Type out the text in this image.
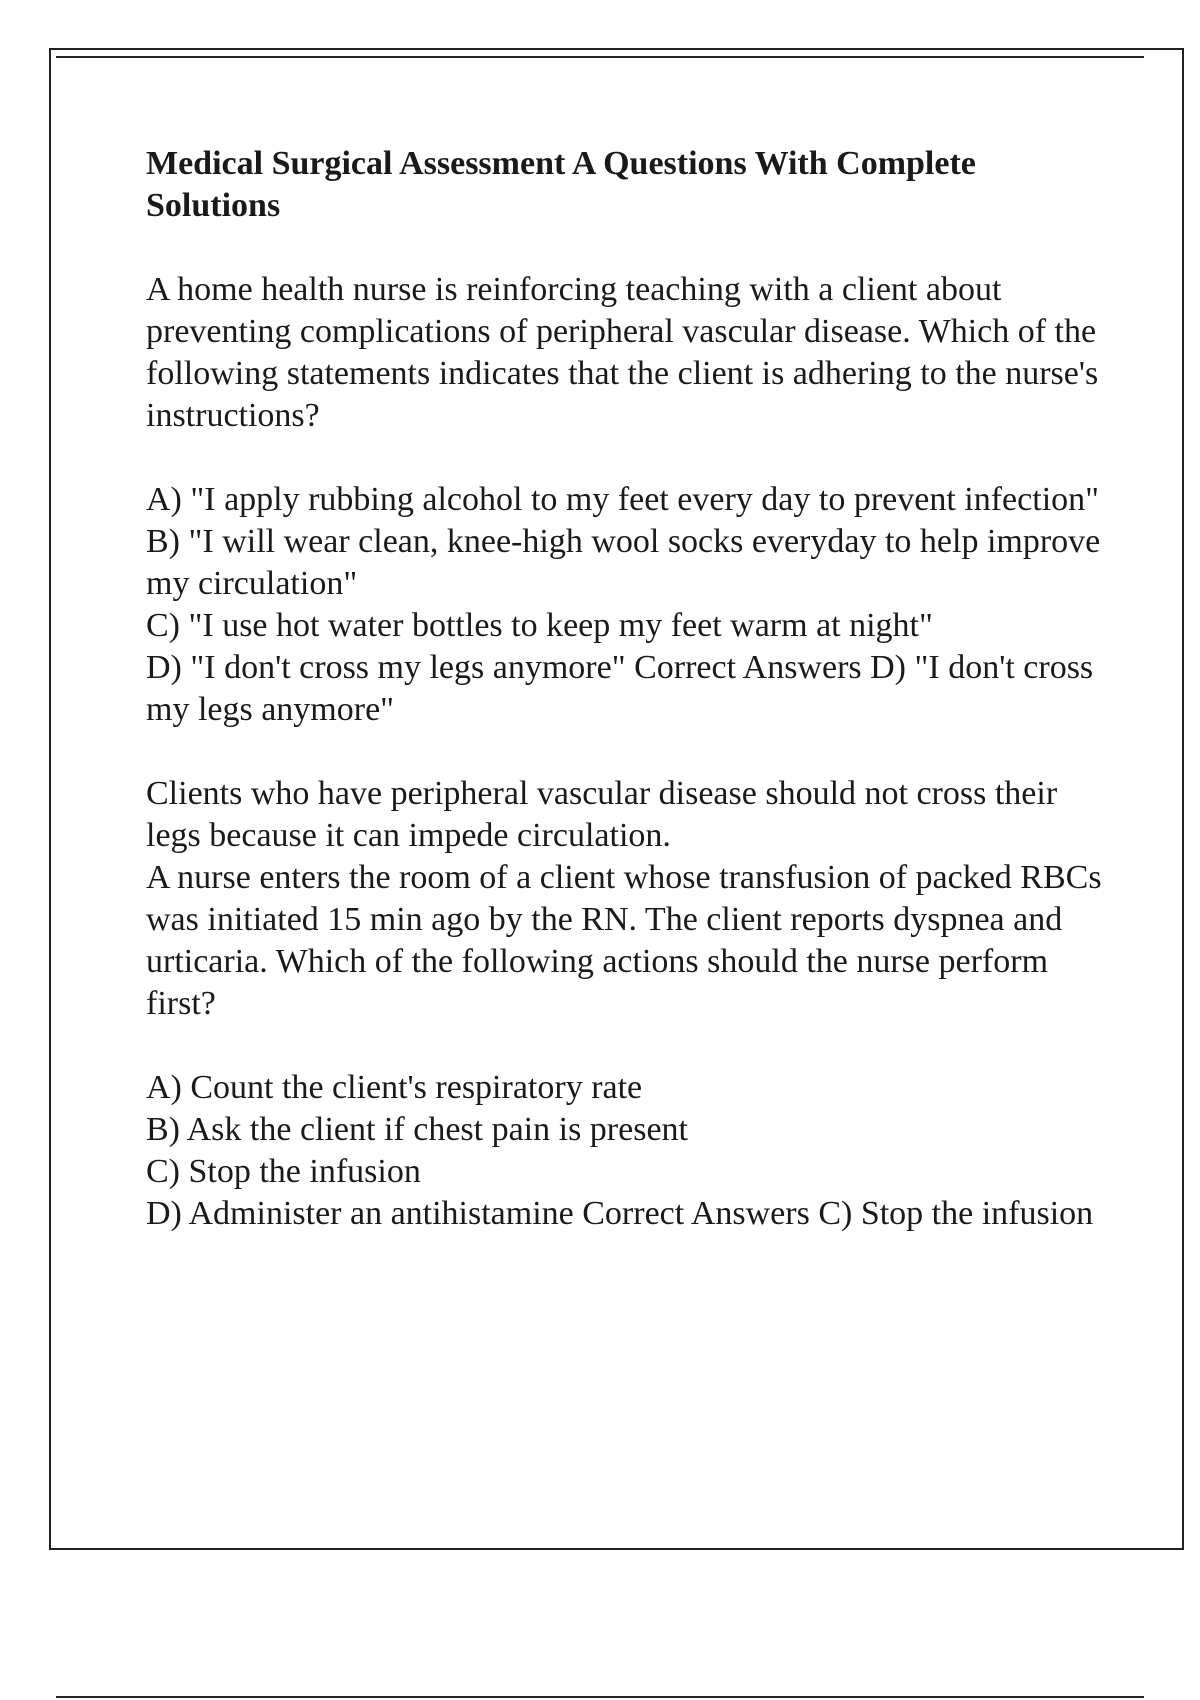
Medical Surgical Assessment A Questions With Complete Solutions

A home health nurse is reinforcing teaching with a client about preventing complications of peripheral vascular disease. Which of the following statements indicates that the client is adhering to the nurse's instructions?

A) "I apply rubbing alcohol to my feet every day to prevent infection"

B) "I will wear clean, knee-high wool socks everyday to help improve my circulation"

C) "I use hot water bottles to keep my feet warm at night"

D) "I don't cross my legs anymore" Correct Answers D) "I don't cross my legs anymore"

Clients who have peripheral vascular disease should not cross their legs because it can impede circulation.

A nurse enters the room of a client whose transfusion of packed RBCs was initiated 15 min ago by the RN. The client reports dyspnea and urticaria. Which of the following actions should the nurse perform first?

A) Count the client's respiratory rate

B) Ask the client if chest pain is present

C) Stop the infusion

D) Administer an antihistamine Correct Answers C) Stop the infusion
